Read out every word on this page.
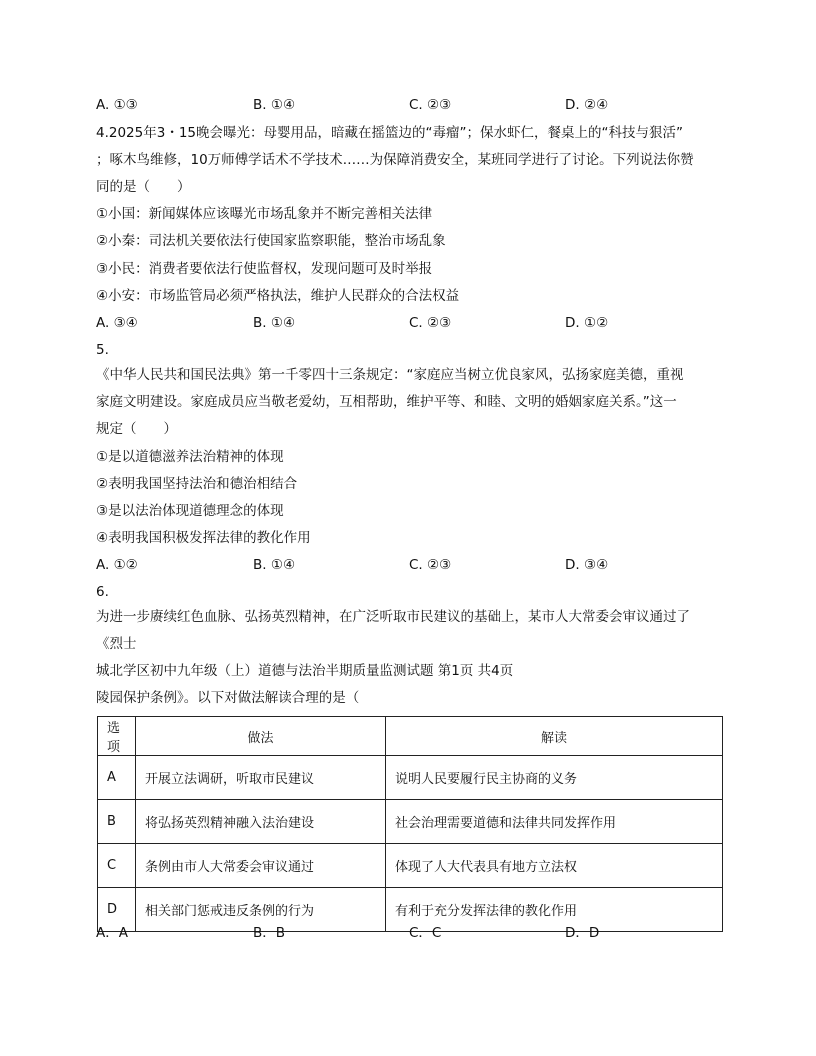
A. ①③	B. ①④	C. ②③	D. ②④
4.2025年3・15晚会曝光：母婴用品，暗藏在摇篮边的“毒瘤”；保水虾仁，餐桌上的“科技与狠活”
；啄木鸟维修，10万师傅学话术不学技术……为保障消费安全，某班同学进行了讨论。下列说法你赞
同的是（　　）
①小国：新闻媒体应该曝光市场乱象并不断完善相关法律
②小秦：司法机关要依法行使国家监察职能，整治市场乱象
③小民：消费者要依法行使监督权，发现问题可及时举报
④小安：市场监管局必须严格执法，维护人民群众的合法权益
A. ③④	B. ①④	C. ②③	D. ①②
5.
《中华人民共和国民法典》第一千零四十三条规定：“家庭应当树立优良家风，弘扬家庭美德，重视
家庭文明建设。家庭成员应当敬老爱幼，互相帮助，维护平等、和睦、文明的婚姻家庭关系。”这一
规定（　　）
①是以道德滋养法治精神的体现
②表明我国坚持法治和德治相结合
③是以法治体现道德理念的体现
④表明我国积极发挥法律的教化作用
A. ①②	B. ①④	C. ②③	D. ③④
6.
为进一步赓续红色血脉、弘扬英烈精神，在广泛听取市民建议的基础上，某市人大常委会审议通过了
《烈士
城北学区初中九年级（上）道德与法治半期质量监测试题 第1页 共4页
陵园保护条例》。以下对做法解读合理的是（
选项	做法	解读
A	开展立法调研，听取市民建议	说明人民要履行民主协商的义务
B	将弘扬英烈精神融入法治建设	社会治理需要道德和法律共同发挥作用
C	条例由市人大常委会审议通过	体现了人大代表具有地方立法权
D	相关部门惩戒违反条例的行为	有利于充分发挥法律的教化作用
A．A	B．B	C．C	D．D
